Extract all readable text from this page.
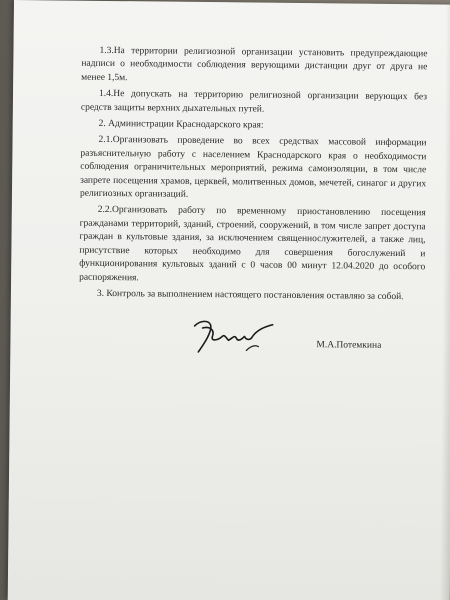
1.3.На территории религиозной организации установить предупреждающие надписи о необходимости соблюдения верующими дистанции друг от друга не менее 1,5м.

1.4.Не допускать на территорию религиозной организации верующих без средств защиты верхних дыхательных путей.

2. Администрации Краснодарского края:

2.1.Организовать проведение во всех средствах массовой информации разъяснительную работу с населением Краснодарского края о необходимости соблюдения ограничительных мероприятий, режима самоизоляции, в том числе запрете посещения храмов, церквей, молитвенных домов, мечетей, синагог и других религиозных организаций.

2.2.Организовать работу по временному приостановлению посещения гражданами территорий, зданий, строений, сооружений, в том числе запрет доступа граждан в культовые здания, за исключением священнослужителей, а также лиц, присутствие которых необходимо для совершения богослужений и функционирования культовых зданий с 0 часов 00 минут 12.04.2020 до особого распоряжения.

3. Контроль за выполнением настоящего постановления оставляю за собой.

М.А.Потемкина
